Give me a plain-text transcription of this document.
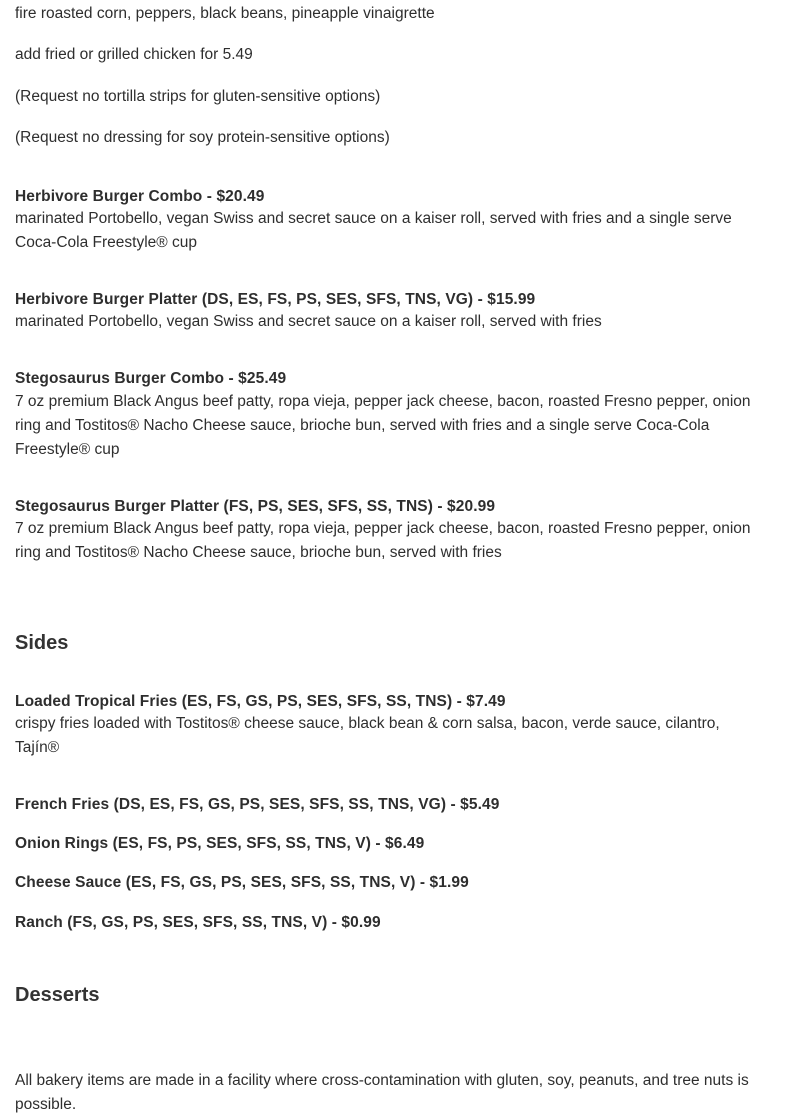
fire roasted corn, peppers, black beans, pineapple vinaigrette
add fried or grilled chicken for 5.49
(Request no tortilla strips for gluten-sensitive options)
(Request no dressing for soy protein-sensitive options)
Herbivore Burger Combo - $20.49
marinated Portobello, vegan Swiss and secret sauce on a kaiser roll, served with fries and a single serve Coca-Cola Freestyle® cup
Herbivore Burger Platter (DS, ES, FS, PS, SES, SFS, TNS, VG) - $15.99
marinated Portobello, vegan Swiss and secret sauce on a kaiser roll, served with fries
Stegosaurus Burger Combo - $25.49
7 oz premium Black Angus beef patty, ropa vieja, pepper jack cheese, bacon, roasted Fresno pepper, onion ring and Tostitos® Nacho Cheese sauce, brioche bun, served with fries and a single serve Coca-Cola Freestyle® cup
Stegosaurus Burger Platter (FS, PS, SES, SFS, SS, TNS) - $20.99
7 oz premium Black Angus beef patty, ropa vieja, pepper jack cheese, bacon, roasted Fresno pepper, onion ring and Tostitos® Nacho Cheese sauce, brioche bun, served with fries
Sides
Loaded Tropical Fries (ES, FS, GS, PS, SES, SFS, SS, TNS) - $7.49
crispy fries loaded with Tostitos® cheese sauce, black bean & corn salsa, bacon, verde sauce, cilantro, Tajín®
French Fries (DS, ES, FS, GS, PS, SES, SFS, SS, TNS, VG) - $5.49
Onion Rings (ES, FS, PS, SES, SFS, SS, TNS, V) - $6.49
Cheese Sauce (ES, FS, GS, PS, SES, SFS, SS, TNS, V) - $1.99
Ranch (FS, GS, PS, SES, SFS, SS, TNS, V) - $0.99
Desserts
All bakery items are made in a facility where cross-contamination with gluten, soy, peanuts, and tree nuts is possible.
